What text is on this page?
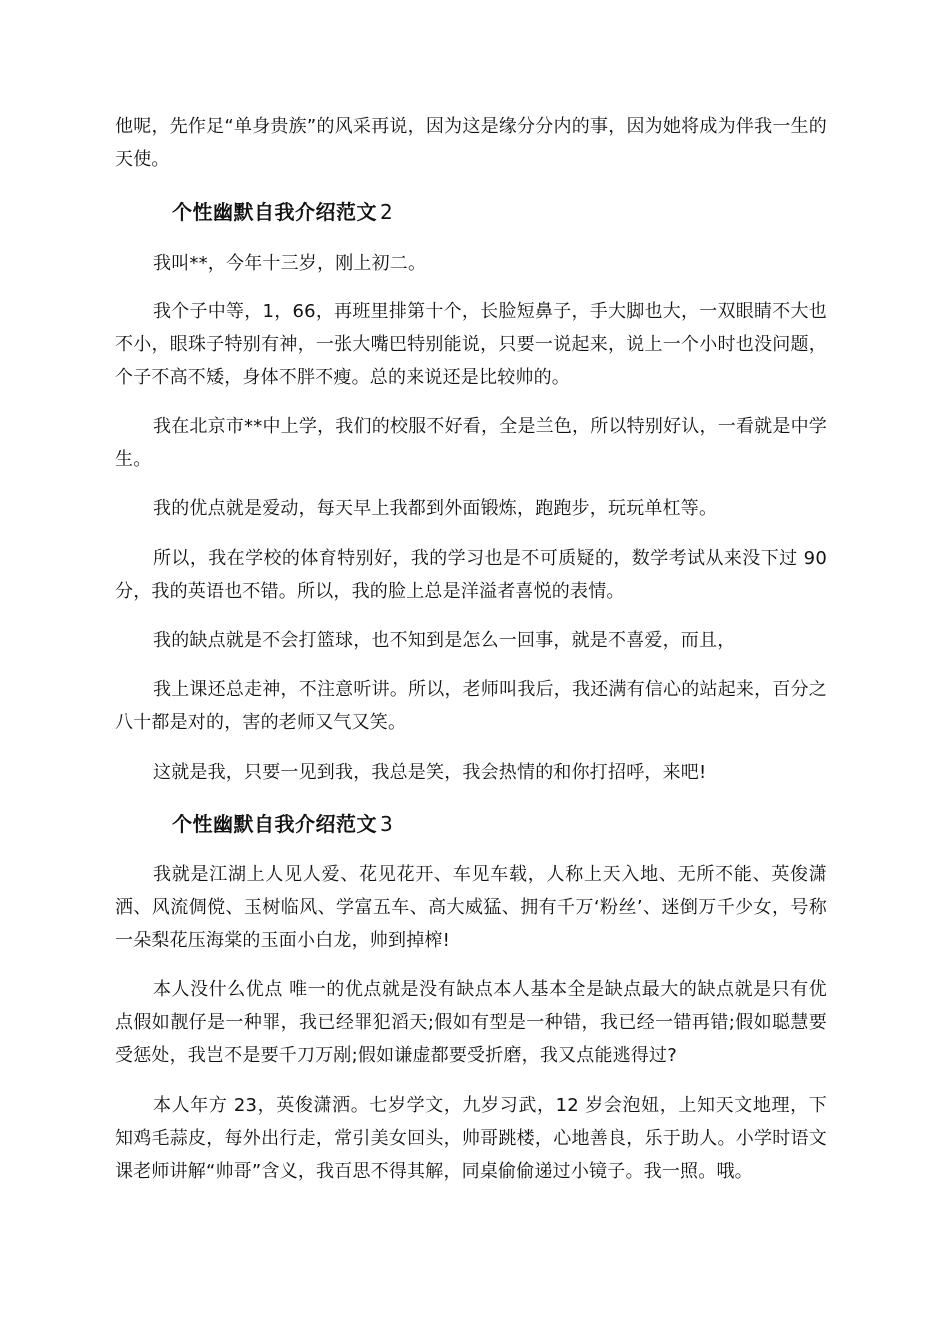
他呢，先作足“单身贵族”的风采再说，因为这是缘分分内的事，因为她将成为伴我一生的天使。

个性幽默自我介绍范文 2

我叫**，今年十三岁，刚上初二。

我个子中等，1，66，再班里排第十个，长脸短鼻子，手大脚也大，一双眼睛不大也不小，眼珠子特别有神，一张大嘴巴特别能说，只要一说起来，说上一个小时也没问题，个子不高不矮，身体不胖不瘦。总的来说还是比较帅的。

我在北京市**中上学，我们的校服不好看，全是兰色，所以特别好认，一看就是中学生。

我的优点就是爱动，每天早上我都到外面锻炼，跑跑步，玩玩单杠等。

所以，我在学校的体育特别好，我的学习也是不可质疑的，数学考试从来没下过 90 分，我的英语也不错。所以，我的脸上总是洋溢者喜悦的表情。

我的缺点就是不会打篮球，也不知到是怎么一回事，就是不喜爱，而且，

我上课还总走神，不注意听讲。所以，老师叫我后，我还满有信心的站起来，百分之八十都是对的，害的老师又气又笑。

这就是我，只要一见到我，我总是笑，我会热情的和你打招呼，来吧!

个性幽默自我介绍范文 3

我就是江湖上人见人爱、花见花开、车见车载，人称上天入地、无所不能、英俊潇洒、风流倜傥、玉树临风、学富五车、高大威猛、拥有千万‘粉丝’、迷倒万千少女，号称一朵梨花压海棠的玉面小白龙，帅到掉榨!

本人没什么优点 唯一的优点就是没有缺点本人基本全是缺点最大的缺点就是只有优点假如靓仔是一种罪，我已经罪犯滔天;假如有型是一种错，我已经一错再错;假如聪慧要受惩处，我岂不是要千刀万剐;假如谦虚都要受折磨，我又点能逃得过?

本人年方 23，英俊潇洒。七岁学文，九岁习武，12 岁会泡妞，上知天文地理，下知鸡毛蒜皮，每外出行走，常引美女回头，帅哥跳楼，心地善良，乐于助人。小学时语文课老师讲解“帅哥”含义，我百思不得其解，同桌偷偷递过小镜子。我一照。哦。
